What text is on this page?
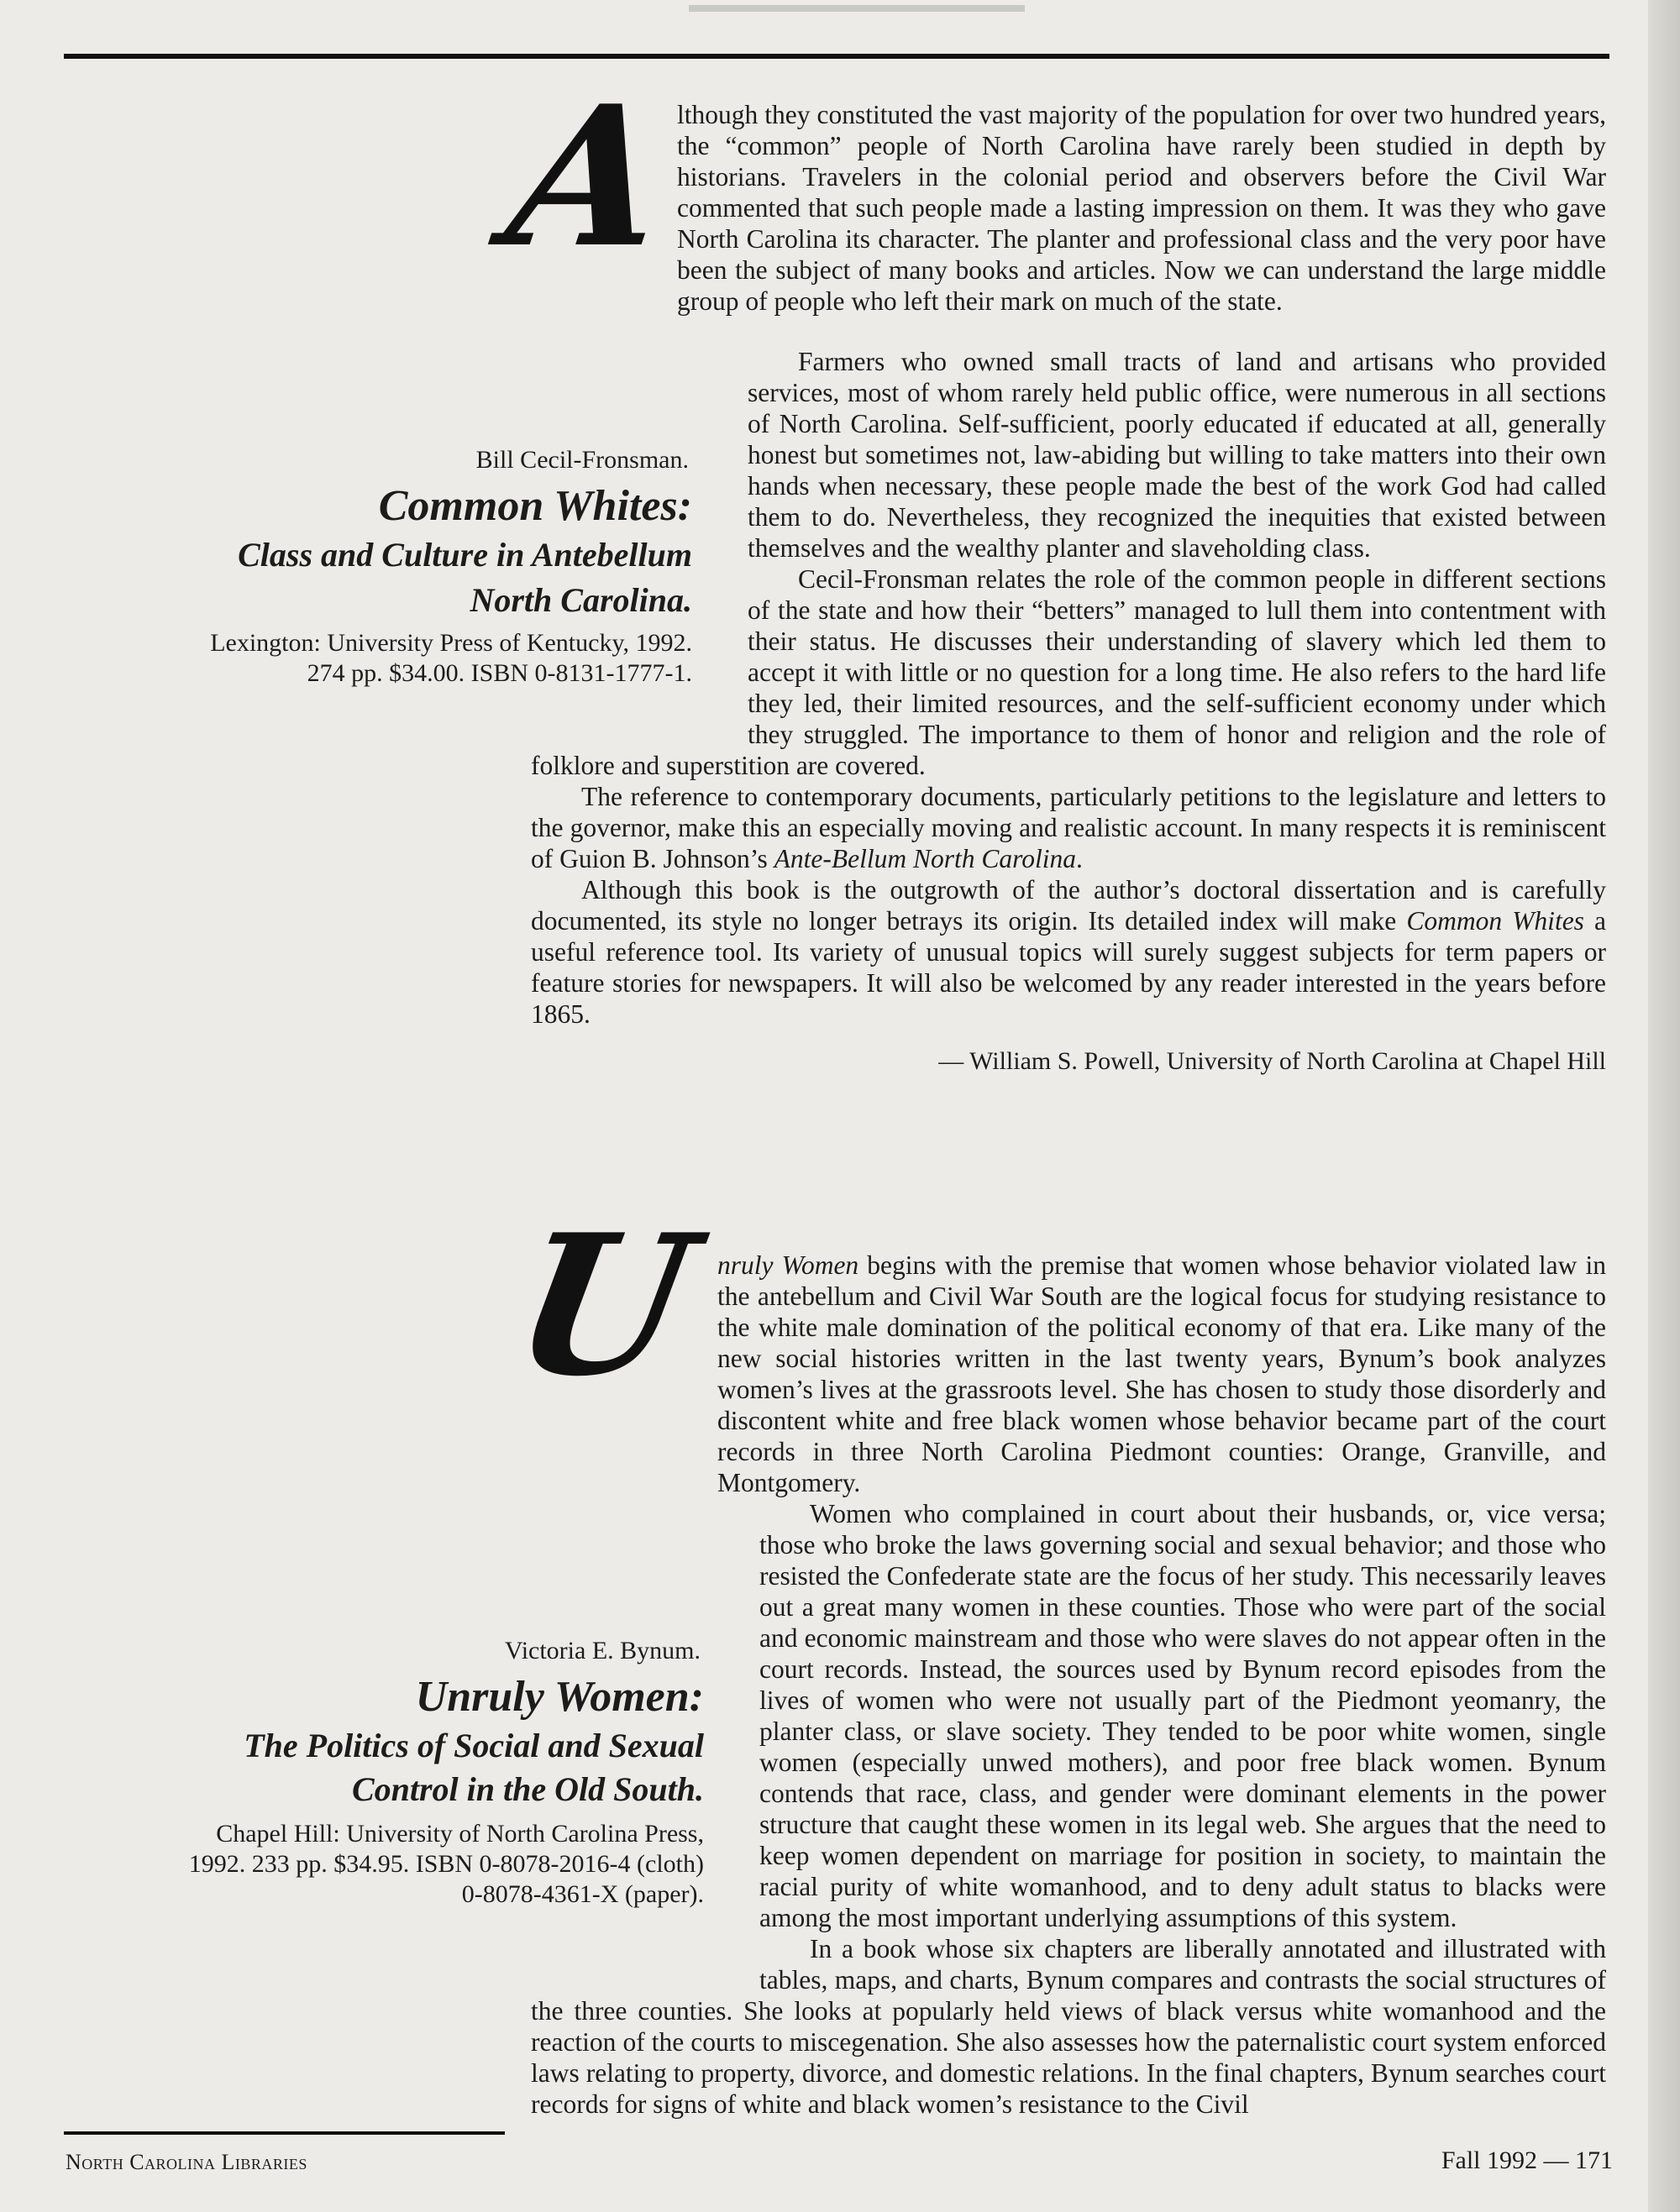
A

lthough they constituted the vast majority of the population for over two hundred years, the “common” people of North Carolina have rarely been studied in depth by historians. Travelers in the colonial period and observers before the Civil War commented that such people made a lasting impression on them. It was they who gave North Carolina its character. The planter and professional class and the very poor have been the subject of many books and articles. Now we can understand the large middle group of people who left their mark on much of the state.

Bill Cecil-Fronsman.
Common Whites:
Class and Culture in Antebellum
North Carolina.
Lexington: University Press of Kentucky, 1992.
274 pp. $34.00. ISBN 0-8131-1777-1.

Farmers who owned small tracts of land and artisans who provided services, most of whom rarely held public office, were numerous in all sections of North Carolina. Self-sufficient, poorly educated if educated at all, generally honest but sometimes not, law-abiding but willing to take matters into their own hands when necessary, these people made the best of the work God had called them to do. Nevertheless, they recognized the inequities that existed between themselves and the wealthy planter and slaveholding class.

Cecil-Fronsman relates the role of the common people in different sections of the state and how their “betters” managed to lull them into contentment with their status. He discusses their understanding of slavery which led them to accept it with little or no question for a long time. He also refers to the hard life they led, their limited resources, and the self-sufficient economy under which they struggled. The importance to them of honor and religion and the role of folklore and superstition are covered.

The reference to contemporary documents, particularly petitions to the legislature and letters to the governor, make this an especially moving and realistic account. In many respects it is reminiscent of Guion B. Johnson’s Ante-Bellum North Carolina.

Although this book is the outgrowth of the author’s doctoral dissertation and is carefully documented, its style no longer betrays its origin. Its detailed index will make Common Whites a useful reference tool. Its variety of unusual topics will surely suggest subjects for term papers or feature stories for newspapers. It will also be welcomed by any reader interested in the years before 1865.

— William S. Powell, University of North Carolina at Chapel Hill

U nruly Women begins with the premise that women whose behavior violated law in the antebellum and Civil War South are the logical focus for studying resistance to the white male domination of the political economy of that era. Like many of the new social histories written in the last twenty years, Bynum’s book analyzes women’s lives at the grassroots level. She has chosen to study those disorderly and discontent white and free black women whose behavior became part of the court records in three North Carolina Piedmont counties: Orange, Granville, and Montgomery.

Women who complained in court about their husbands, or, vice versa; those who broke the laws governing social and sexual behavior; and those who resisted the Confederate state are the focus of her study. This necessarily leaves out a great many women in these counties. Those who were part of the social and economic mainstream and those who were slaves do not appear often in the court records. Instead, the sources used by Bynum record episodes from the lives of women who were not usually part of the Piedmont yeomanry, the planter class, or slave society. They tended to be poor white women, single women (especially unwed mothers), and poor free black women. Bynum contends that race, class, and gender were dominant elements in the power structure that caught these women in its legal web. She argues that the need to keep women dependent on marriage for position in society, to maintain the racial purity of white womanhood, and to deny adult status to blacks were among the most important underlying assumptions of this system.

In a book whose six chapters are liberally annotated and illustrated with tables, maps, and charts, Bynum compares and contrasts the social structures of the three counties. She looks at popularly held views of black versus white womanhood and the reaction of the courts to miscegenation. She also assesses how the paternalistic court system enforced laws relating to property, divorce, and domestic relations. In the final chapters, Bynum searches court records for signs of white and black women’s resistance to the Civil

Victoria E. Bynum.
Unruly Women:
The Politics of Social and Sexual
Control in the Old South.
Chapel Hill: University of North Carolina Press,
1992. 233 pp. $34.95. ISBN 0-8078-2016-4 (cloth)
0-8078-4361-X (paper).
North Carolina Libraries	Fall 1992 — 171
